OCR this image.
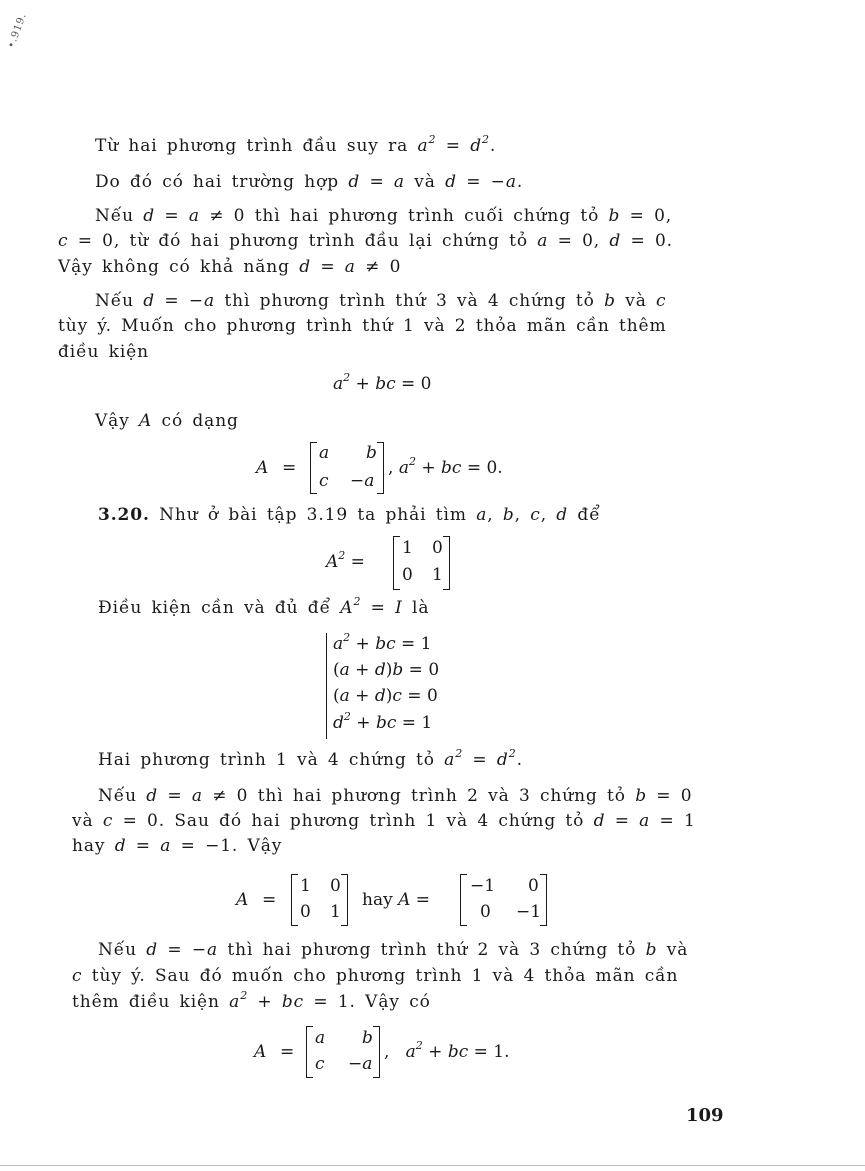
•.919.
Từ hai phương trình đầu suy ra $a^2 = d^2$.
Do đó có hai trường hợp d = a và d = −a.
Nếu d = a ≠ 0 thì hai phương trình cuối chứng tỏ b = 0,
c = 0, từ đó hai phương trình đầu lại chứng tỏ a = 0, d = 0.
Vậy không có khả năng d = a ≠ 0
Nếu d = −a thì phương trình thứ 3 và 4 chứng tỏ b và c
tùy ý. Muốn cho phương trình thứ 1 và 2 thỏa mãn cần thêm
điều kiện
$a^2$ + bc = 0
Vậy A có dạng
A =
a b
c −a
, $a^2$ + bc = 0.
3.20. Như ở bài tập 3.19 ta phải tìm a, b, c, d để
$A^2$ =
1 0
0 1
Điều kiện cần và đủ để $A^2 = I$ là
$a^2$ + bc = 1
(a + d)b = 0
(a + d)c = 0
$d^2$ + bc = 1
Hai phương trình 1 và 4 chứng tỏ $a^2 = d^2$.
Nếu d = a ≠ 0 thì hai phương trình 2 và 3 chứng tỏ b = 0
và c = 0. Sau đó hai phương trình 1 và 4 chứng tỏ d = a = 1
hay d = a = −1. Vậy
A =
1 0
0 1
hay A =
−1 0
0 −1
Nếu d = −a thì hai phương trình thứ 2 và 3 chứng tỏ b và
c tùy ý. Sau đó muốn cho phương trình 1 và 4 thỏa mãn cần
thêm điều kiện $a^2$ + bc = 1. Vậy có
A =
a b
c −a
,   $a^2$ + bc = 1.
109
